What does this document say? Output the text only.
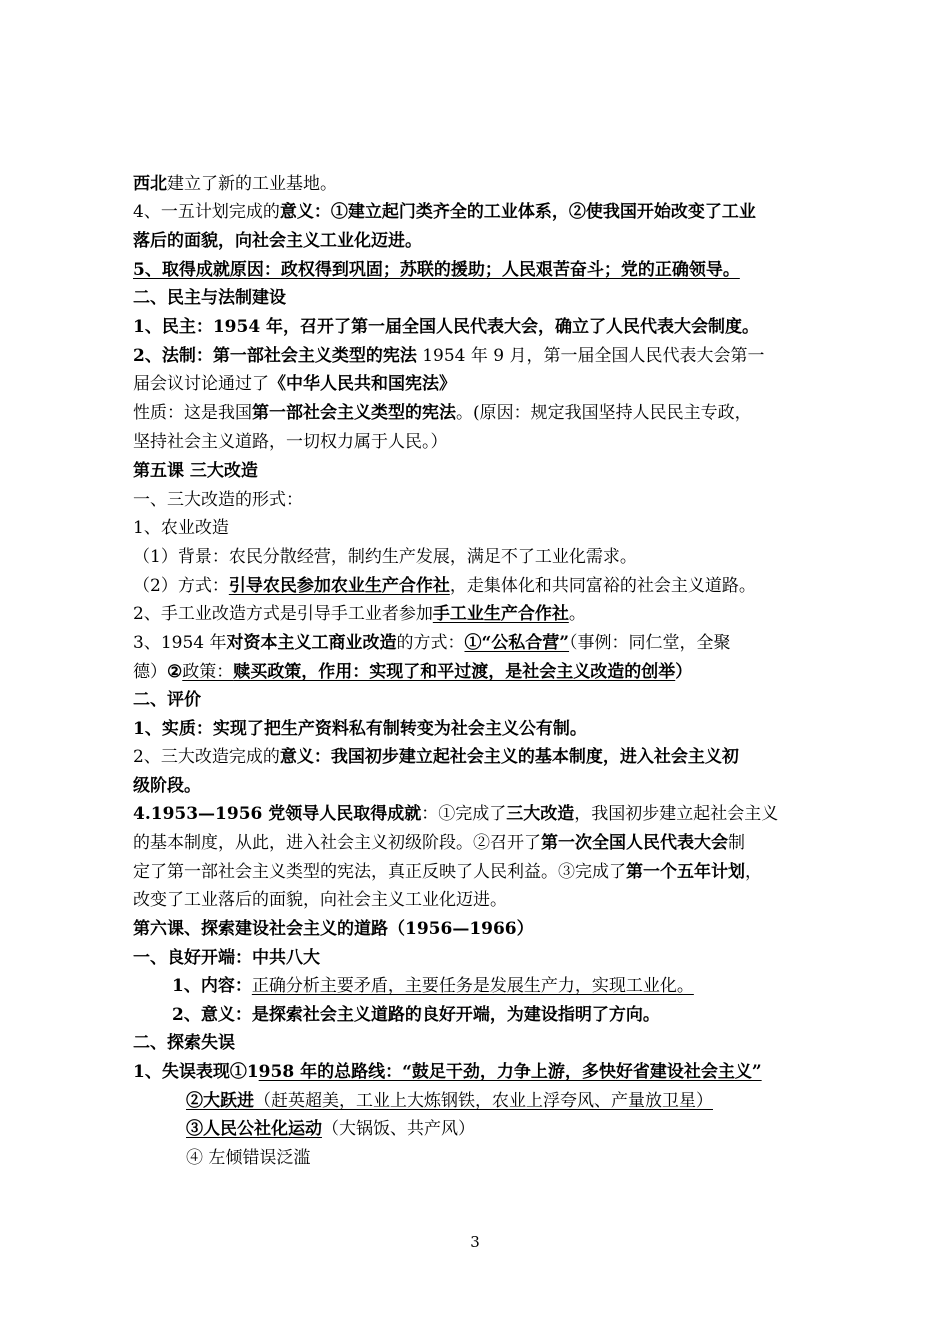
西北建立了新的工业基地。
4、一五计划完成的意义：①建立起门类齐全的工业体系，②使我国开始改变了工业
落后的面貌，向社会主义工业化迈进。
5、取得成就原因：政权得到巩固；苏联的援助；人民艰苦奋斗；党的正确领导。
二、民主与法制建设
1、民主：1954 年，召开了第一届全国人民代表大会，确立了人民代表大会制度。
2、法制：第一部社会主义类型的宪法 1954 年 9 月，第一届全国人民代表大会第一
届会议讨论通过了《中华人民共和国宪法》
性质：这是我国第一部社会主义类型的宪法。(原因：规定我国坚持人民民主专政，
坚持社会主义道路，一切权力属于人民。）
第五课 三大改造
一、三大改造的形式：
1、农业改造
（1）背景：农民分散经营，制约生产发展，满足不了工业化需求。
（2）方式：引导农民参加农业生产合作社，走集体化和共同富裕的社会主义道路。
2、手工业改造方式是引导手工业者参加手工业生产合作社。
3、1954 年对资本主义工商业改造的方式：①“公私合营”（事例：同仁堂，全聚
德）②政策：赎买政策，作用：实现了和平过渡，是社会主义改造的创举）
二、评价
1、实质：实现了把生产资料私有制转变为社会主义公有制。
2、三大改造完成的意义：我国初步建立起社会主义的基本制度，进入社会主义初
级阶段。
4.1953—1956 党领导人民取得成就：①完成了三大改造，我国初步建立起社会主义
的基本制度，从此，进入社会主义初级阶段。②召开了第一次全国人民代表大会制
定了第一部社会主义类型的宪法，真正反映了人民利益。③完成了第一个五年计划，
改变了工业落后的面貌，向社会主义工业化迈进。
第六课、探索建设社会主义的道路（1956—1966）
一、良好开端：中共八大
1、内容：正确分析主要矛盾，主要任务是发展生产力，实现工业化。
2、意义：是探索社会主义道路的良好开端，为建设指明了方向。
二、探索失误
1、失误表现①1958 年的总路线：“鼓足干劲，力争上游，多快好省建设社会主义”
②大跃进（赶英超美，工业上大炼钢铁，农业上浮夸风、产量放卫星）
③人民公社化运动（大锅饭、共产风）
④ 左倾错误泛滥
3
